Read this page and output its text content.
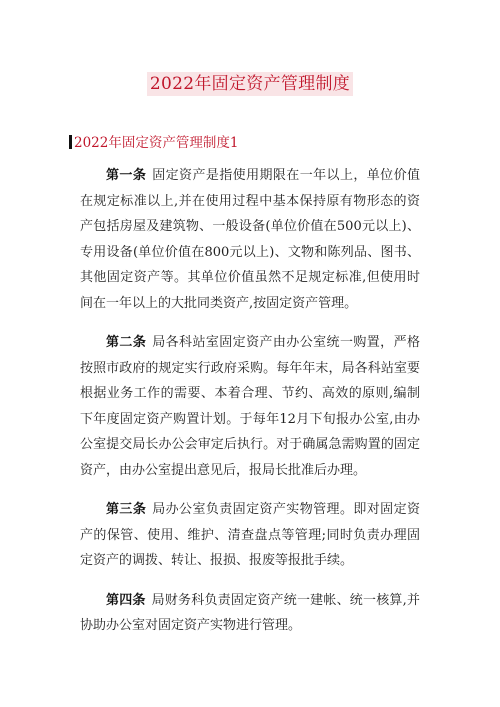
2022年固定资产管理制度
2022年固定资产管理制度1

第一条 固定资产是指使用期限在一年以上，单位价值在规定标准以上,并在使用过程中基本保持原有物形态的资产包括房屋及建筑物、一般设备(单位价值在500元以上)、专用设备(单位价值在800元以上)、文物和陈列品、图书、其他固定资产等。其单位价值虽然不足规定标准,但使用时间在一年以上的大批同类资产,按固定资产管理。

第二条 局各科站室固定资产由办公室统一购置，严格按照市政府的规定实行政府采购。每年年末，局各科站室要根据业务工作的需要、本着合理、节约、高效的原则,编制下年度固定资产购置计划。于每年12月下旬报办公室,由办公室提交局长办公会审定后执行。对于确属急需购置的固定资产，由办公室提出意见后，报局长批准后办理。

第三条 局办公室负责固定资产实物管理。即对固定资产的保管、使用、维护、清查盘点等管理;同时负责办理固定资产的调拨、转让、报损、报废等报批手续。

第四条 局财务科负责固定资产统一建帐、统一核算,并协助办公室对固定资产实物进行管理。
